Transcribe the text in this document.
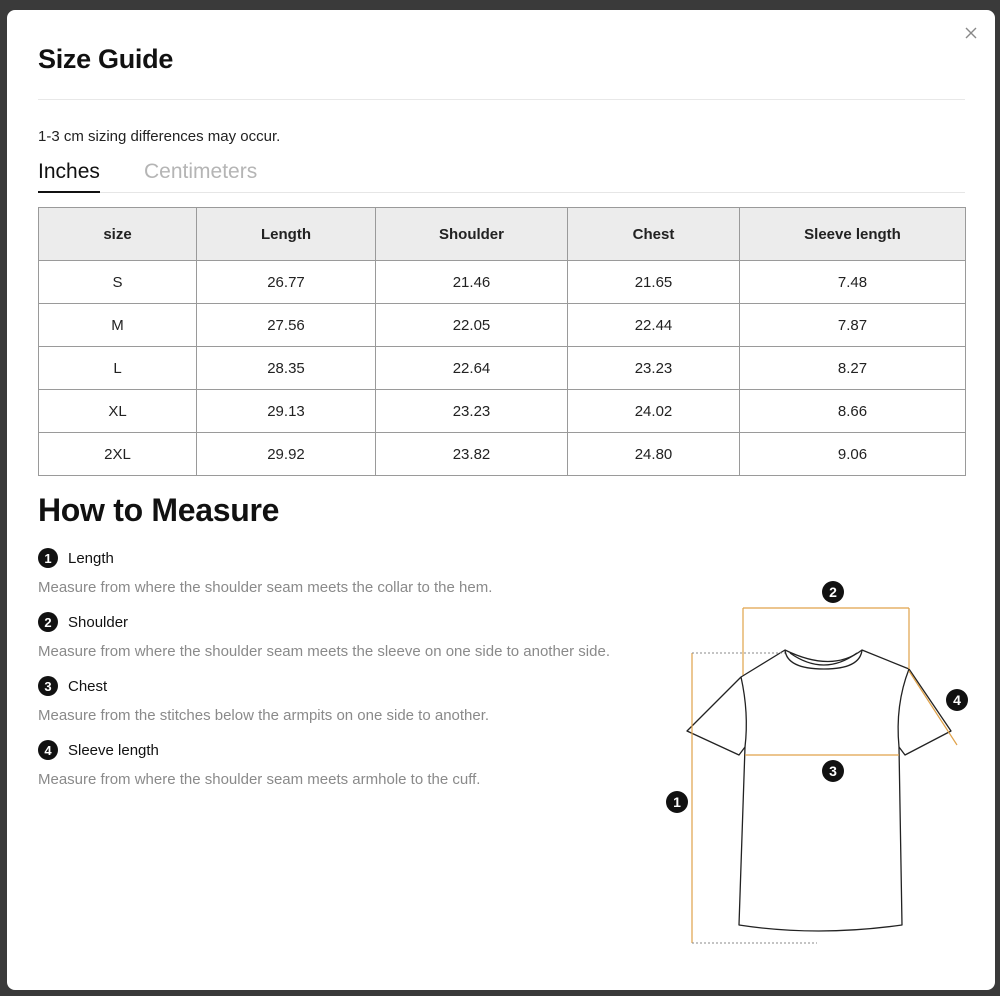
Size Guide
1-3 cm sizing differences may occur.
Inches Centimeters
size	Length	Shoulder	Chest	Sleeve length
S	26.77	21.46	21.65	7.48
M	27.56	22.05	22.44	7.87
L	28.35	22.64	23.23	8.27
XL	29.13	23.23	24.02	8.66
2XL	29.92	23.82	24.80	9.06
How to Measure
1	Length
Measure from where the shoulder seam meets the collar to the hem.
2	Shoulder
Measure from where the shoulder seam meets the sleeve on one side to another side.
3	Chest
Measure from the stitches below the armpits on one side to another.
4	Sleeve length
Measure from where the shoulder seam meets armhole to the cuff.
1
2
3
4
